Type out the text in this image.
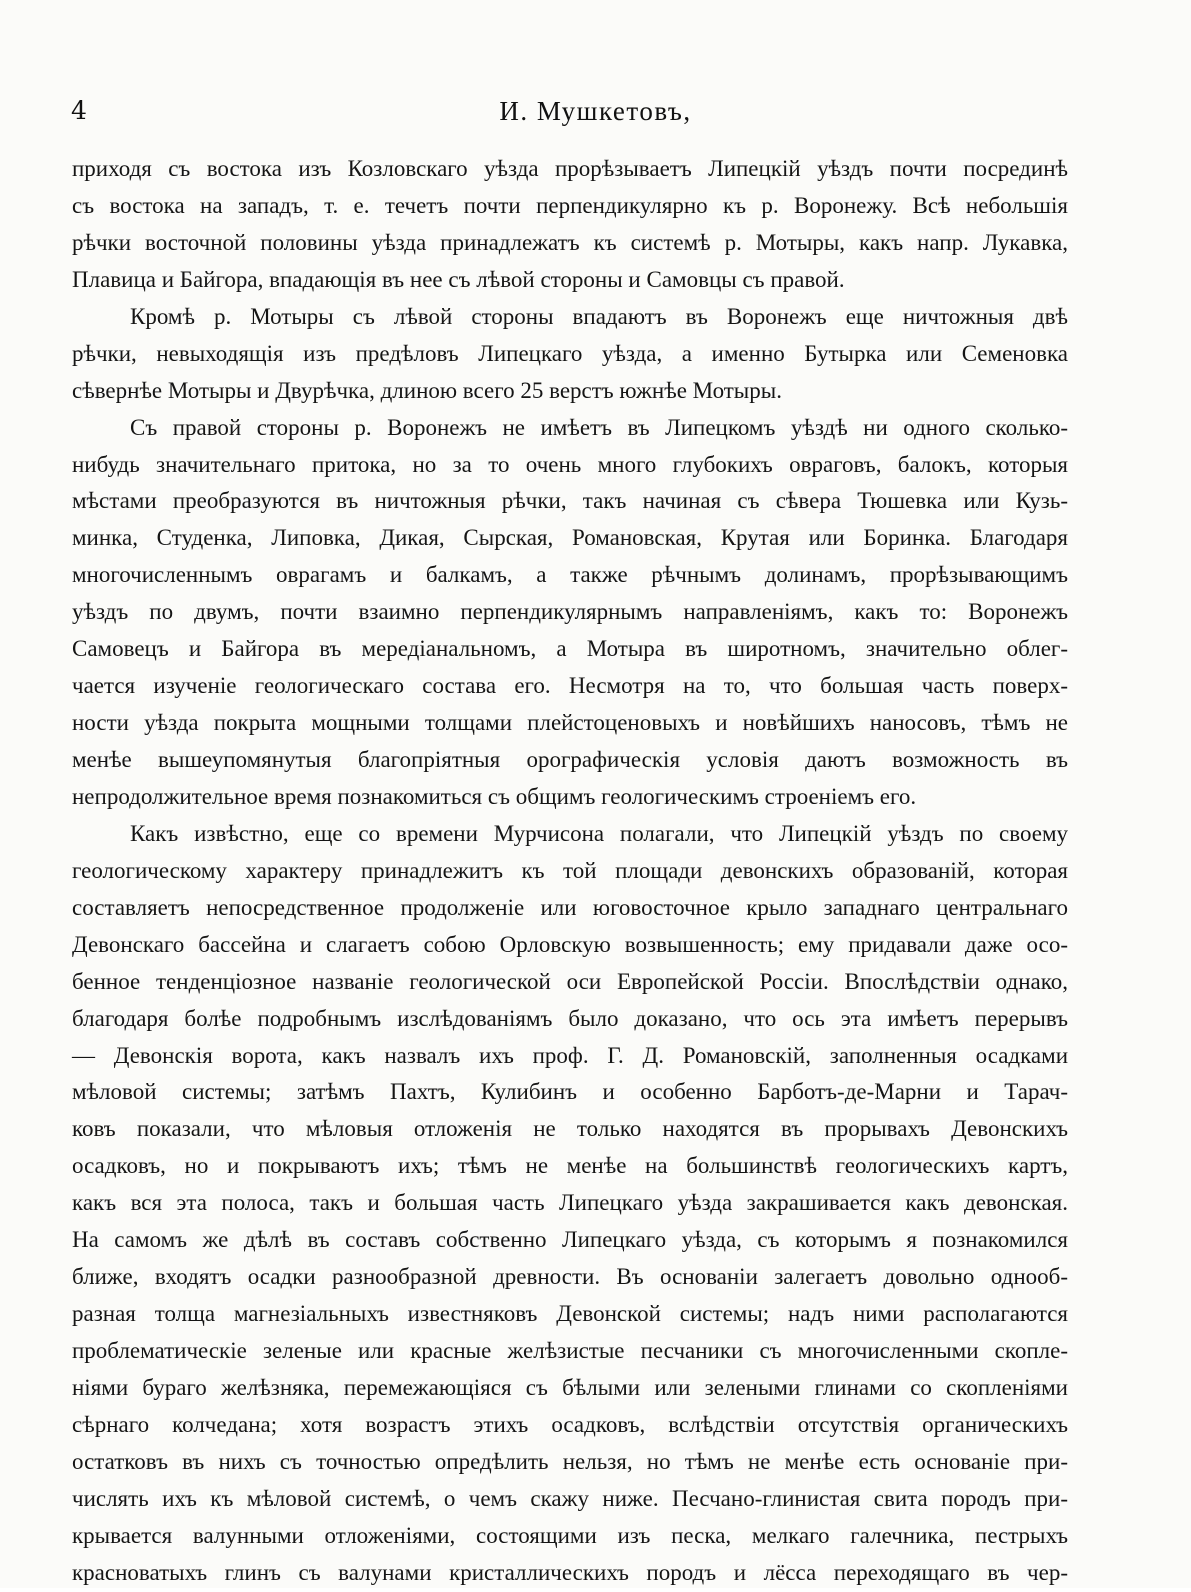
4	И. Мушкетовъ,
приходя съ востока изъ Козловскаго уѣзда прорѣзываетъ Липецкій уѣздъ почти посрединѣ
съ востока на западъ, т. е. течетъ почти перпендикулярно къ р. Воронежу. Всѣ небольшія
рѣчки восточной половины уѣзда принадлежатъ къ системѣ р. Мотыры, какъ напр. Лукавка,
Плавица и Байгора, впадающія въ нее съ лѣвой стороны и Самовцы съ правой.
Кромѣ р. Мотыры съ лѣвой стороны впадаютъ въ Воронежъ еще ничтожныя двѣ
рѣчки, невыходящія изъ предѣловъ Липецкаго уѣзда, а именно Бутырка или Семеновка
сѣвернѣе Мотыры и Двурѣчка, длиною всего 25 верстъ южнѣе Мотыры.
Съ правой стороны р. Воронежъ не имѣетъ въ Липецкомъ уѣздѣ ни одного сколько-
нибудь значительнаго притока, но за то очень много глубокихъ овраговъ, балокъ, которыя
мѣстами преобразуются въ ничтожныя рѣчки, такъ начиная съ сѣвера Тюшевка или Кузь-
минка, Студенка, Липовка, Дикая, Сырская, Романовская, Крутая или Боринка. Благодаря
многочисленнымъ оврагамъ и балкамъ, а также рѣчнымъ долинамъ, прорѣзывающимъ
уѣздъ по двумъ, почти взаимно перпендикулярнымъ направленіямъ, какъ то: Воронежъ
Самовецъ и Байгора въ мередіанальномъ, а Мотыра въ широтномъ, значительно облег-
чается изученіе геологическаго состава его. Несмотря на то, что большая часть поверх-
ности уѣзда покрыта мощными толщами плейстоценовыхъ и новѣйшихъ наносовъ, тѣмъ не
менѣе вышеупомянутыя благопріятныя орографическія условія даютъ возможность въ
непродолжительное время познакомиться съ общимъ геологическимъ строеніемъ его.
Какъ извѣстно, еще со времени Мурчисона полагали, что Липецкій уѣздъ по своему
геологическому характеру принадлежитъ къ той площади девонскихъ образованій, которая
составляетъ непосредственное продолженіе или юговосточное крыло западнаго центральнаго
Девонскаго бассейна и слагаетъ собою Орловскую возвышенность; ему придавали даже осо-
бенное тенденціозное названіе геологической оси Европейской Россіи. Впослѣдствіи однако,
благодаря болѣе подробнымъ изслѣдованіямъ было доказано, что ось эта имѣетъ перерывъ
— Девонскія ворота, какъ назвалъ ихъ проф. Г. Д. Романовскій, заполненныя осадками
мѣловой системы; затѣмъ Пахтъ, Кулибинъ и особенно Барботъ-де-Марни и Тарач-
ковъ показали, что мѣловыя отложенія не только находятся въ прорывахъ Девонскихъ
осадковъ, но и покрываютъ ихъ; тѣмъ не менѣе на большинствѣ геологическихъ картъ,
какъ вся эта полоса, такъ и большая часть Липецкаго уѣзда закрашивается какъ девонская.
На самомъ же дѣлѣ въ составъ собственно Липецкаго уѣзда, съ которымъ я познакомился
ближе, входятъ осадки разнообразной древности. Въ основаніи залегаетъ довольно однооб-
разная толща магнезіальныхъ известняковъ Девонской системы; надъ ними располагаются
проблематическіе зеленые или красные желѣзистые песчаники съ многочисленными скопле-
ніями бураго желѣзняка, перемежающіяся съ бѣлыми или зелеными глинами со скопленіями
сѣрнаго колчедана; хотя возрастъ этихъ осадковъ, вслѣдствіи отсутствія органическихъ
остатковъ въ нихъ съ точностью опредѣлить нельзя, но тѣмъ не менѣе есть основаніе при-
числять ихъ къ мѣловой системѣ, о чемъ скажу ниже. Песчано-глинистая свита породъ при-
крывается валунными отложеніями, состоящими изъ песка, мелкаго галечника, пестрыхъ
красноватыхъ глинъ съ валунами кристаллическихъ породъ и лёсса переходящаго въ чер-
